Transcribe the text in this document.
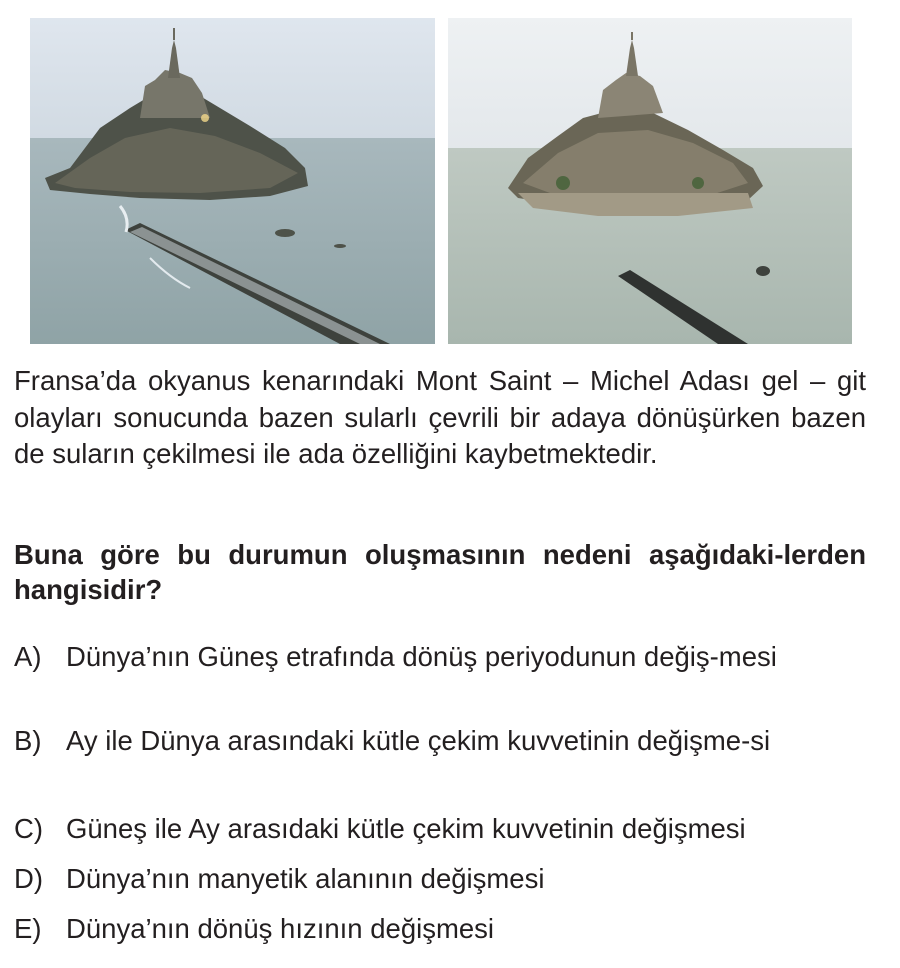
Fransa’da okyanus kenarındaki Mont Saint – Michel Adası gel – git olayları sonucunda bazen sularlı çevrili bir adaya dönüşürken bazen de suların çekilmesi ile ada özelliğini kaybetmektedir.

Buna göre bu durumun oluşmasının nedeni aşağıdaki-lerden hangisidir?

A) Dünya’nın Güneş etrafında dönüş periyodunun değiş-mesi
B) Ay ile Dünya arasındaki kütle çekim kuvvetinin değişme-si
C) Güneş ile Ay arasıdaki kütle çekim kuvvetinin değişmesi
D) Dünya’nın manyetik alanının değişmesi
E) Dünya’nın dönüş hızının değişmesi
